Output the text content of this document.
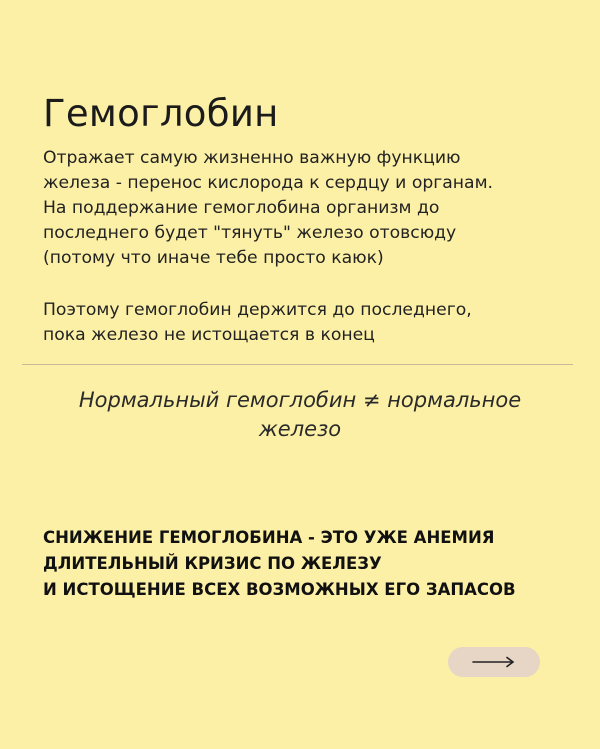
Гемоглобин

Отражает самую жизненно важную функцию
железа - перенос кислорода к сердцу и органам.
На поддержание гемоглобина организм до
последнего будет "тянуть" железо отовсюду
(потому что иначе тебе просто каюк)

Поэтому гемоглобин держится до последнего,
пока железо не истощается в конец

Нормальный гемоглобин ≠ нормальное
железо

СНИЖЕНИЕ ГЕМОГЛОБИНА - ЭТО УЖЕ АНЕМИЯ
ДЛИТЕЛЬНЫЙ КРИЗИС ПО ЖЕЛЕЗУ
И ИСТОЩЕНИЕ ВСЕХ ВОЗМОЖНЫХ ЕГО ЗАПАСОВ
